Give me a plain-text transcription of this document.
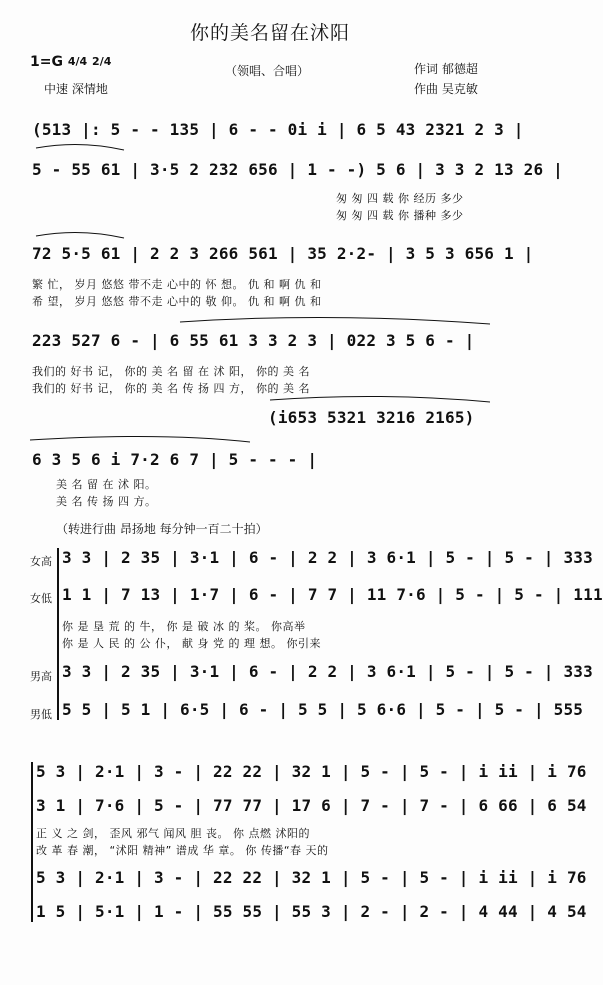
你的美名留在沭阳
1=G 4/4 2/4
（领唱、合唱）	作词 郁德超
作曲 吴克敏
中速 深情地
(513 |: 5 - - 135 | 6 - - 0i i | 6 5 43 2321 2 3 |
5 - 55 61 | 3·5 2 232 656 | 1 - -) 5 6 | 3 3 2 13 26 |
匆 匆 四 载 你 经历 多少
匆 匆 四 载 你 播种 多少
72 5·5 61 | 2 2 3 266 561 | 35 2·2- | 3 5 3 656 1 |
繁 忙， 岁月 悠悠 带不走 心中的 怀 想。 仇 和 啊 仇 和
希 望， 岁月 悠悠 带不走 心中的 敬 仰。 仇 和 啊 仇 和
223 527 6 - | 6 55 61 3 3 2 3 | 022 3 5 6 - |
我们的 好书 记， 你的 美 名 留 在 沭 阳， 你的 美 名
我们的 好书 记， 你的 美 名 传 扬 四 方， 你的 美 名
(i653 5321 3216 2165)
6 3 5 6 i 7·2 6 7 | 5 - - - |
美 名 留 在 沭 阳。
美 名 传 扬 四 方。
（转进行曲 昂扬地 每分钟一百二十拍）
女高 3 3 | 2 35 | 3·1 | 6 - | 2 2 | 3 6·1 | 5 - | 5 - | 333
女低 1 1 | 7 13 | 1·7 | 6 - | 7 7 | 11 7·6 | 5 - | 5 - | 111
你 是 垦 荒 的 牛， 你 是 破 冰 的 桨。 你高举
你 是 人 民 的 公 仆， 献 身 党 的 理 想。 你引来
男高 3 3 | 2 35 | 3·1 | 6 - | 2 2 | 3 6·1 | 5 - | 5 - | 333
男低 5 5 | 5 1 | 6·5 | 6 - | 5 5 | 5 6·6 | 5 - | 5 - | 555
5 3 | 2·1 | 3 - | 22 22 | 32 1 | 5 - | 5 - | i ii | i 76
3 1 | 7·6 | 5 - | 77 77 | 17 6 | 7 - | 7 - | 6 66 | 6 54
正 义 之 剑， 歪风 邪气 闻风 胆 丧。 你 点燃 沭阳的
改 革 春 潮， “沭阳 精神” 谱成 华 章。 你 传播“春 天的
5 3 | 2·1 | 3 - | 22 22 | 32 1 | 5 - | 5 - | i ii | i 76
1 5 | 5·1 | 1 - | 55 55 | 55 3 | 2 - | 2 - | 4 44 | 4 54
